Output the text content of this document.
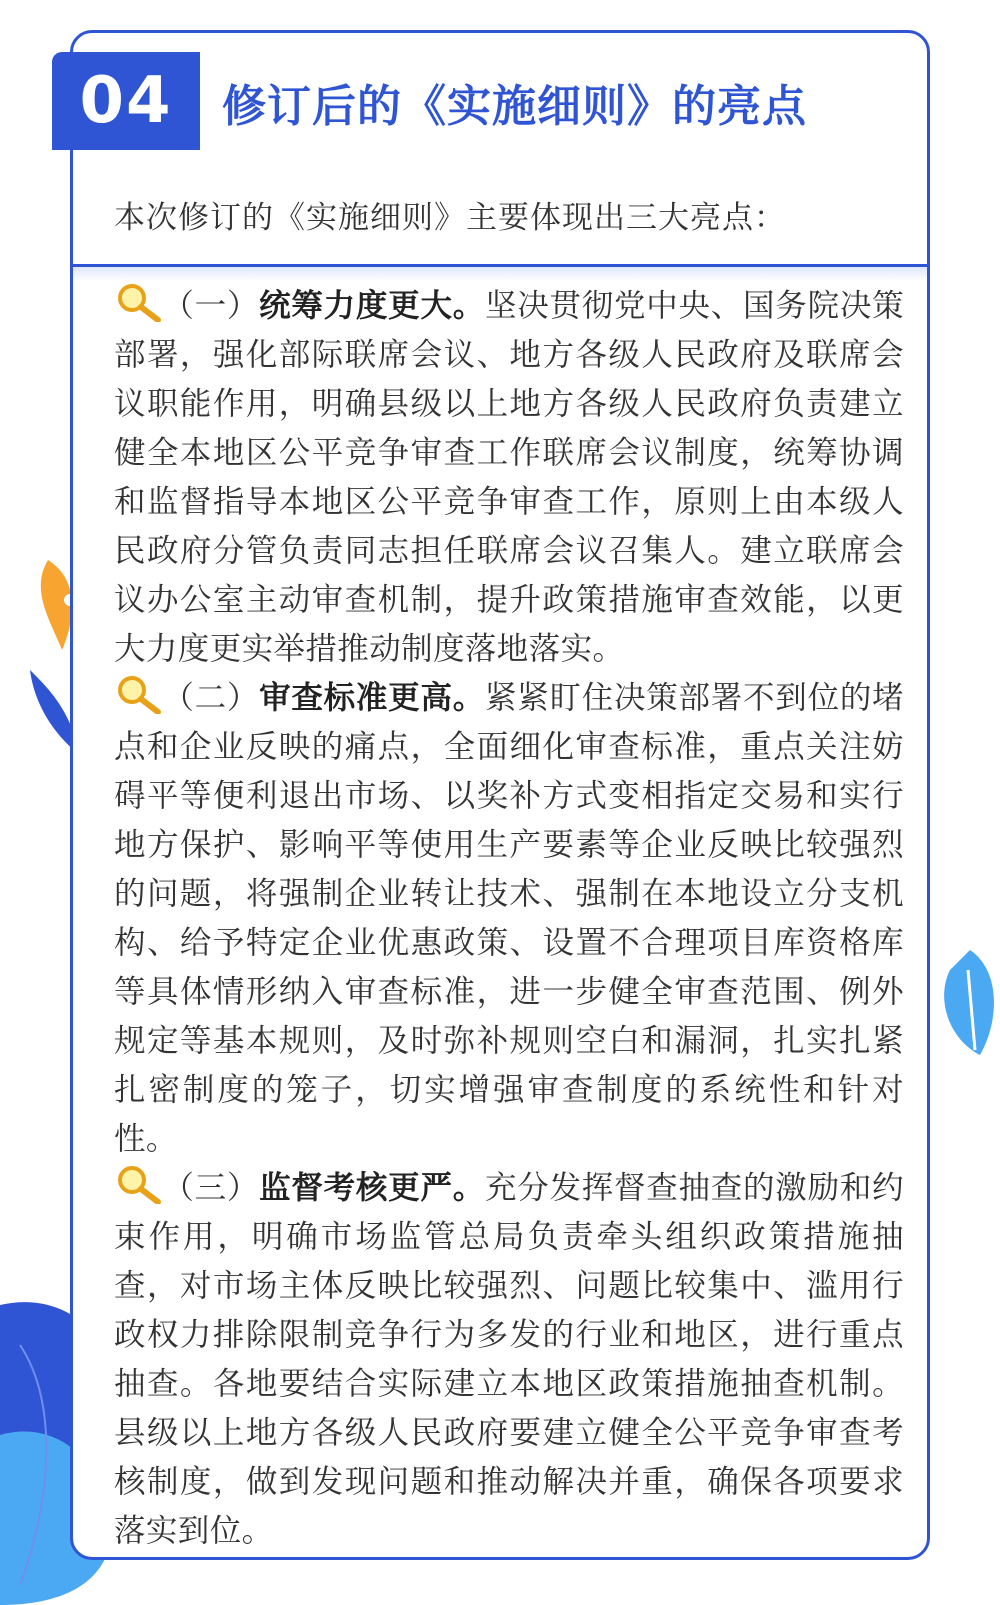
04	修订后的《实施细则》的亮点
本次修订的《实施细则》主要体现出三大亮点：

（一）统筹力度更大。坚决贯彻党中央、国务院决策部署，强化部际联席会议、地方各级人民政府及联席会议职能作用，明确县级以上地方各级人民政府负责建立健全本地区公平竞争审查工作联席会议制度，统筹协调和监督指导本地区公平竞争审查工作，原则上由本级人民政府分管负责同志担任联席会议召集人。建立联席会议办公室主动审查机制，提升政策措施审查效能，以更大力度更实举措推动制度落地落实。

（二）审查标准更高。紧紧盯住决策部署不到位的堵点和企业反映的痛点，全面细化审查标准，重点关注妨碍平等便利退出市场、以奖补方式变相指定交易和实行地方保护、影响平等使用生产要素等企业反映比较强烈的问题，将强制企业转让技术、强制在本地设立分支机构、给予特定企业优惠政策、设置不合理项目库资格库等具体情形纳入审查标准，进一步健全审查范围、例外规定等基本规则，及时弥补规则空白和漏洞，扎实扎紧扎密制度的笼子，切实增强审查制度的系统性和针对性。

（三）监督考核更严。充分发挥督查抽查的激励和约束作用，明确市场监管总局负责牵头组织政策措施抽查，对市场主体反映比较强烈、问题比较集中、滥用行政权力排除限制竞争行为多发的行业和地区，进行重点抽查。各地要结合实际建立本地区政策措施抽查机制。县级以上地方各级人民政府要建立健全公平竞争审查考核制度，做到发现问题和推动解决并重，确保各项要求落实到位。
